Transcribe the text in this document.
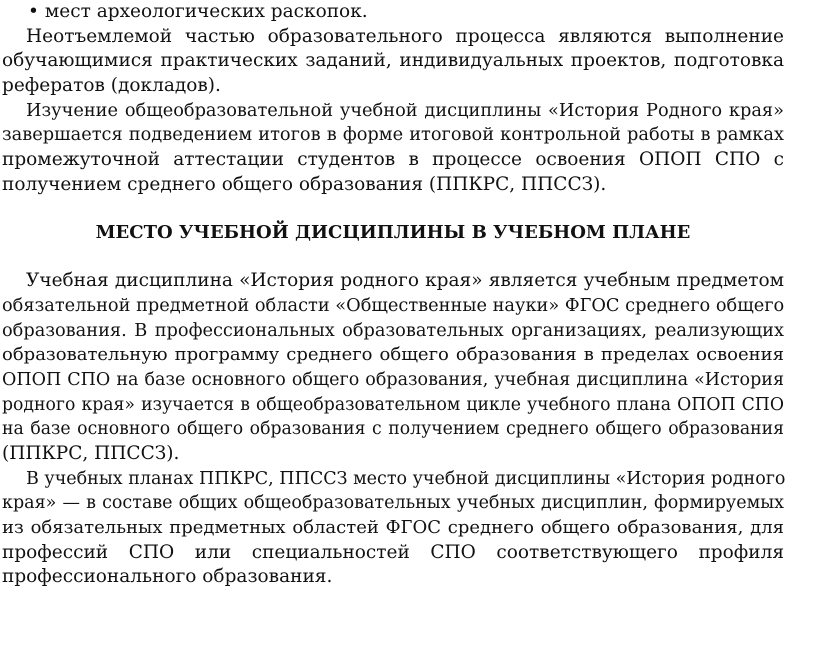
• мест археологических раскопок.
Неотъемлемой частью образовательного процесса являются выполнение
обучающимися практических заданий, индивидуальных проектов, подготовка
рефератов (докладов).
Изучение общеобразовательной учебной дисциплины «История Родного края»
завершается подведением итогов в форме итоговой контрольной работы в рамках
промежуточной аттестации студентов в процессе освоения ОПОП СПО с
получением среднего общего образования (ППКРС, ППССЗ).
МЕСТО УЧЕБНОЙ ДИСЦИПЛИНЫ В УЧЕБНОМ ПЛАНЕ
Учебная дисциплина «История родного края» является учебным предметом
обязательной предметной области «Общественные науки» ФГОС среднего общего
образования. В профессиональных образовательных организациях, реализующих
образовательную программу среднего общего образования в пределах освоения
ОПОП СПО на базе основного общего образования, учебная дисциплина «История
родного края» изучается в общеобразовательном цикле учебного плана ОПОП СПО
на базе основного общего образования с получением среднего общего образования
(ППКРС, ППССЗ).
В учебных планах ППКРС, ППССЗ место учебной дисциплины «История родного
края» — в составе общих общеобразовательных учебных дисциплин, формируемых
из обязательных предметных областей ФГОС среднего общего образования, для
профессий СПО или специальностей СПО соответствующего профиля
профессионального образования.
